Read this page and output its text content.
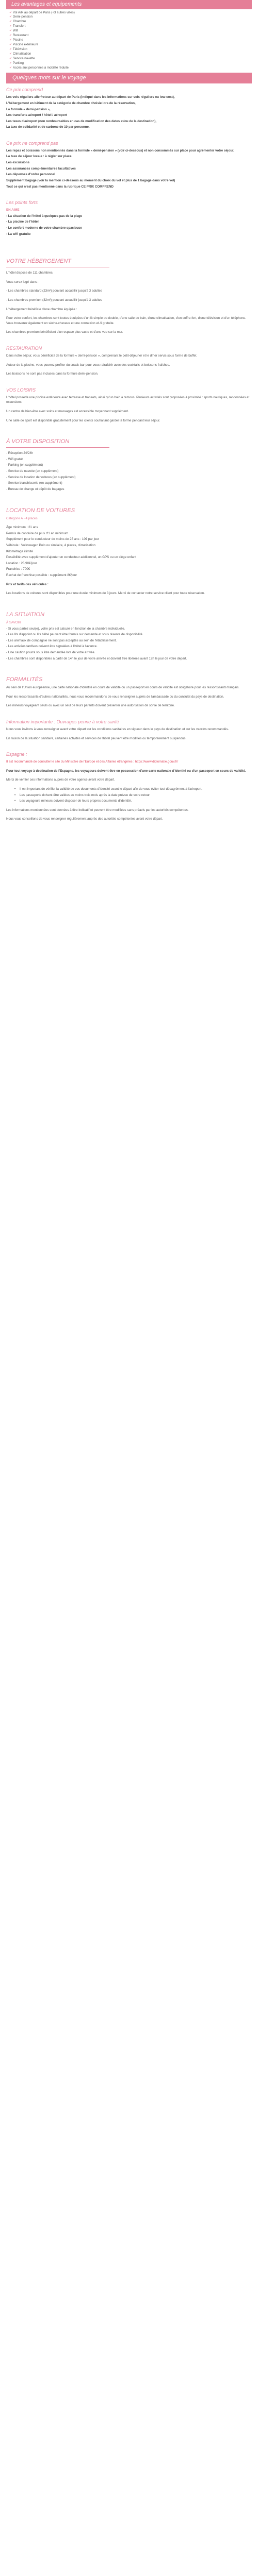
Les avantages et equipements
✓ Vol A/R au départ de Paris (+3 autres villes)
✓ Demi-pension
✓ Chambre
✓ Transfert
✓ Wifi
✓ Restaurant
✓ Piscine
✓ Piscine extérieure
✓ Télévision
✓ Climatisation
✓ Service navette
✓ Parking
✓ Accès aux personnes à mobilité réduite
Quelques mots sur le voyage
Ce prix comprend

Les vols réguliers aller/retour au départ de Paris (indiqué dans les informations sur vols réguliers ou low-cost),

L'hébergement en bâtiment de la catégorie de chambre choisie lors de la réservation,

La formule « demi-pension »,

Les transferts aéroport / hôtel / aéroport

Les taxes d'aéroport (non remboursables en cas de modification des dates et/ou de la destination),

La taxe de solidarité et de carbone de 10 par personne.

Ce prix ne comprend pas

Les repas et boissons non mentionnés dans la formule « demi-pension » (voir ci-dessous) et non consommés sur place pour agrémenter votre séjour.

La taxe de séjour locale : à régler sur place

Les excursions

Les assurances complémentaires facultatives

Les dépenses d'ordre personnel

Supplément bagage (voir la mention ci-dessous au moment du choix du vol et plus de 1 bagage dans votre vol)

Tout ce qui n'est pas mentionné dans la rubrique CE PRIX COMPREND

Les points forts

EN AIME

- La situation de l'hôtel à quelques pas de la plage

- La piscine de l'hôtel

- Le confort moderne de votre chambre spacieuse

- La wifi gratuite

VOTRE HÉBERGEMENT

L'hôtel dispose de 111 chambres.

Vous serez logé dans :

- Les chambres standard (23m²) pouvant accueillir jusqu'à 3 adultes

- Les chambres premium (32m²) pouvant accueillir jusqu'à 3 adultes

L'hébergement bénéficie d'une chambre équipée :

Pour votre confort, les chambres sont toutes équipées d'un lit simple ou double, d'une salle de bain, d'une climatisation, d'un coffre-fort, d'une télévision et d'un téléphone. Vous trouverez également un sèche-cheveux et une connexion wi-fi gratuite.

Les chambres premium bénéficient d'un espace plus vaste et d'une vue sur la mer.

RESTAURATION

Dans notre séjour, vous bénéficiez de la formule « demi-pension », comprenant le petit-déjeuner et le dîner servis sous forme de buffet.

Autour de la piscine, vous pourrez profiter du snack-bar pour vous rafraîchir avec des cocktails et boissons fraîches.

Les boissons ne sont pas incluses dans la formule demi-pension.

VOS LOISIRS

L'hôtel possède une piscine extérieure avec terrasse et transats, ainsi qu'un bain à remous. Plusieurs activités sont proposées à proximité : sports nautiques, randonnées et excursions.

Un centre de bien-être avec soins et massages est accessible moyennant supplément.

Une salle de sport est disponible gratuitement pour les clients souhaitant garder la forme pendant leur séjour.

À VOTRE DISPOSITION

- Réception 24/24h

- Wifi gratuit

- Parking (en supplément)

- Service de navette (en supplément)

- Service de location de voitures (en supplément)

- Service blanchisserie (en supplément)

- Bureau de change et dépôt de bagages

LOCATION DE VOITURES

Catégorie A - 4 places

Âge minimum : 21 ans

Permis de conduire de plus d'1 an minimum

Supplément pour le conducteur de moins de 25 ans : 10€ par jour

Véhicule : Volkswagen Polo ou similaire, 4 places, climatisation

Kilométrage illimité

Possibilité avec supplément d'ajouter un conducteur additionnel, un GPS ou un siège enfant

Location : 25,90€/jour

Franchise : 700€

Rachat de franchise possible : supplément 8€/jour

Prix et tarifs des véhicules :

Les locations de voitures sont disponibles pour une durée minimum de 3 jours. Merci de contacter notre service client pour toute réservation.

LA SITUATION

À SAVOIR

- Si vous partez seul(e), votre prix est calculé en fonction de la chambre individuelle.

- Les lits d'appoint ou lits bébé peuvent être fournis sur demande et sous réserve de disponibilité.

- Les animaux de compagnie ne sont pas acceptés au sein de l'établissement.

- Les arrivées tardives doivent être signalées à l'hôtel à l'avance.

- Une caution pourra vous être demandée lors de votre arrivée.

- Les chambres sont disponibles à partir de 14h le jour de votre arrivée et doivent être libérées avant 12h le jour de votre départ.

FORMALITÉS

Au sein de l'Union européenne, une carte nationale d'identité en cours de validité ou un passeport en cours de validité est obligatoire pour les ressortissants français.

Pour les ressortissants d'autres nationalités, nous vous recommandons de vous renseigner auprès de l'ambassade ou du consulat du pays de destination.

Les mineurs voyageant seuls ou avec un seul de leurs parents doivent présenter une autorisation de sortie de territoire.

Information importante : Ouvrages penne à votre santé

Nous vous invitons à vous renseigner avant votre départ sur les conditions sanitaires en vigueur dans le pays de destination et sur les vaccins recommandés.

En raison de la situation sanitaire, certaines activités et services de l'hôtel peuvent être modifiés ou temporairement suspendus.

Espagne :

Il est recommandé de consulter le site du Ministère de l'Europe et des Affaires étrangères : https://www.diplomatie.gouv.fr/

Pour tout voyage à destination de l'Espagne, les voyageurs doivent être en possession d'une carte nationale d'identité ou d'un passeport en cours de validité.

Merci de vérifier ces informations auprès de votre agence avant votre départ.

• Il est important de vérifier la validité de vos documents d'identité avant le départ afin de vous éviter tout désagrément à l'aéroport.
• Les passeports doivent être valides au moins trois mois après la date prévue de votre retour.
• Les voyageurs mineurs doivent disposer de leurs propres documents d'identité.

Les informations mentionnées sont données à titre indicatif et peuvent être modifiées sans préavis par les autorités compétentes.

Nous vous conseillons de vous renseigner régulièrement auprès des autorités compétentes avant votre départ.
